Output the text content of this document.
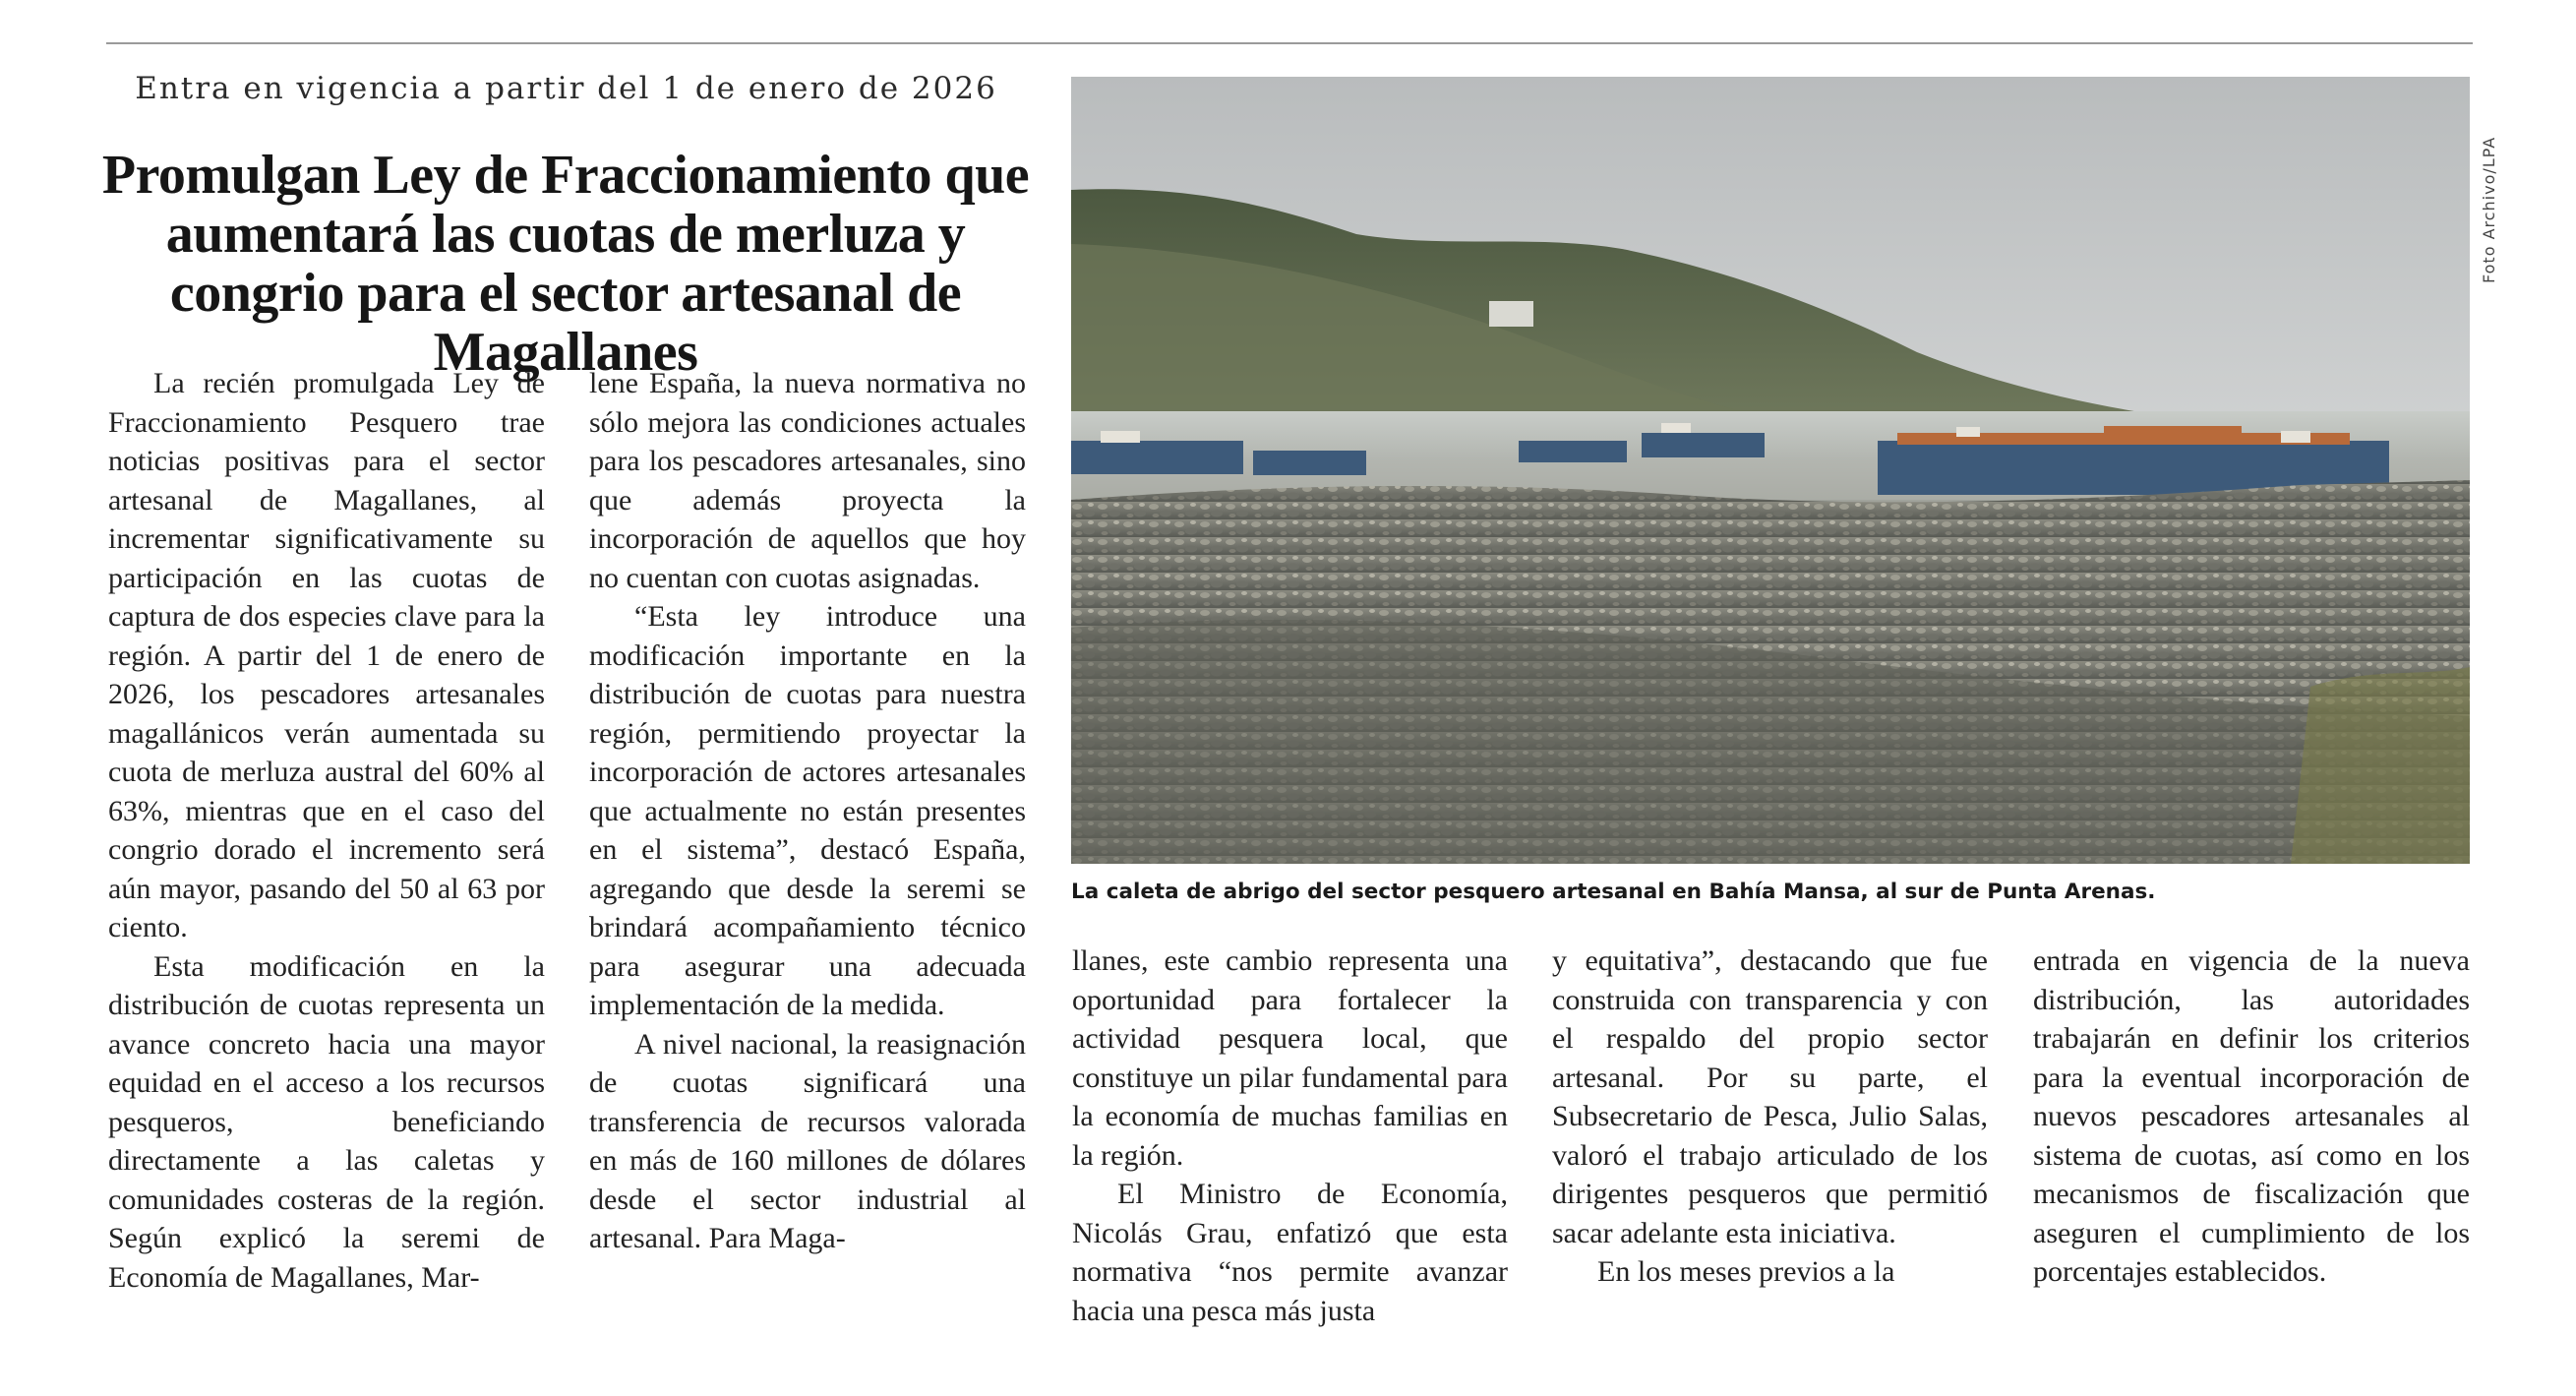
Entra en vigencia a partir del 1 de enero de 2026
Promulgan Ley de Fraccionamiento que aumentará las cuotas de merluza y congrio para el sector artesanal de Magallanes

La recién promulgada Ley de Fraccionamiento Pesquero trae noticias positivas para el sector artesanal de Magallanes, al incrementar significativamente su participación en las cuotas de captura de dos especies clave para la región. A partir del 1 de enero de 2026, los pescadores artesanales magallánicos verán aumentada su cuota de merluza austral del 60% al 63%, mientras que en el caso del congrio dorado el incremento será aún mayor, pasando del 50 al 63 por ciento.

Esta modificación en la distribución de cuotas representa un avance concreto hacia una mayor equidad en el acceso a los recursos pesqueros, beneficiando directamente a las caletas y comunidades costeras de la región. Según explicó la seremi de Economía de Magallanes, Mar-

lene España, la nueva normativa no sólo mejora las condiciones actuales para los pescadores artesanales, sino que además proyecta la incorporación de aquellos que hoy no cuentan con cuotas asignadas.

“Esta ley introduce una modificación importante en la distribución de cuotas para nuestra región, permitiendo proyectar la incorporación de actores artesanales que actualmente no están presentes en el sistema”, destacó España, agregando que desde la seremi se brindará acompañamiento técnico para asegurar una adecuada implementación de la medida.

A nivel nacional, la reasignación de cuotas significará una transferencia de recursos valorada en más de 160 millones de dólares desde el sector industrial al artesanal. Para Maga-

Foto Archivo/LPA

La caleta de abrigo del sector pesquero artesanal en Bahía Mansa, al sur de Punta Arenas.

llanes, este cambio representa una oportunidad para fortalecer la actividad pesquera local, que constituye un pilar fundamental para la economía de muchas familias en la región.

El Ministro de Economía, Nicolás Grau, enfatizó que esta normativa “nos permite avanzar hacia una pesca más justa

y equitativa”, destacando que fue construida con transparencia y con el respaldo del propio sector artesanal. Por su parte, el Subsecretario de Pesca, Julio Salas, valoró el trabajo articulado de los dirigentes pesqueros que permitió sacar adelante esta iniciativa.

En los meses previos a la

entrada en vigencia de la nueva distribución, las autoridades trabajarán en definir los criterios para la eventual incorporación de nuevos pescadores artesanales al sistema de cuotas, así como en los mecanismos de fiscalización que aseguren el cumplimiento de los porcentajes establecidos.
